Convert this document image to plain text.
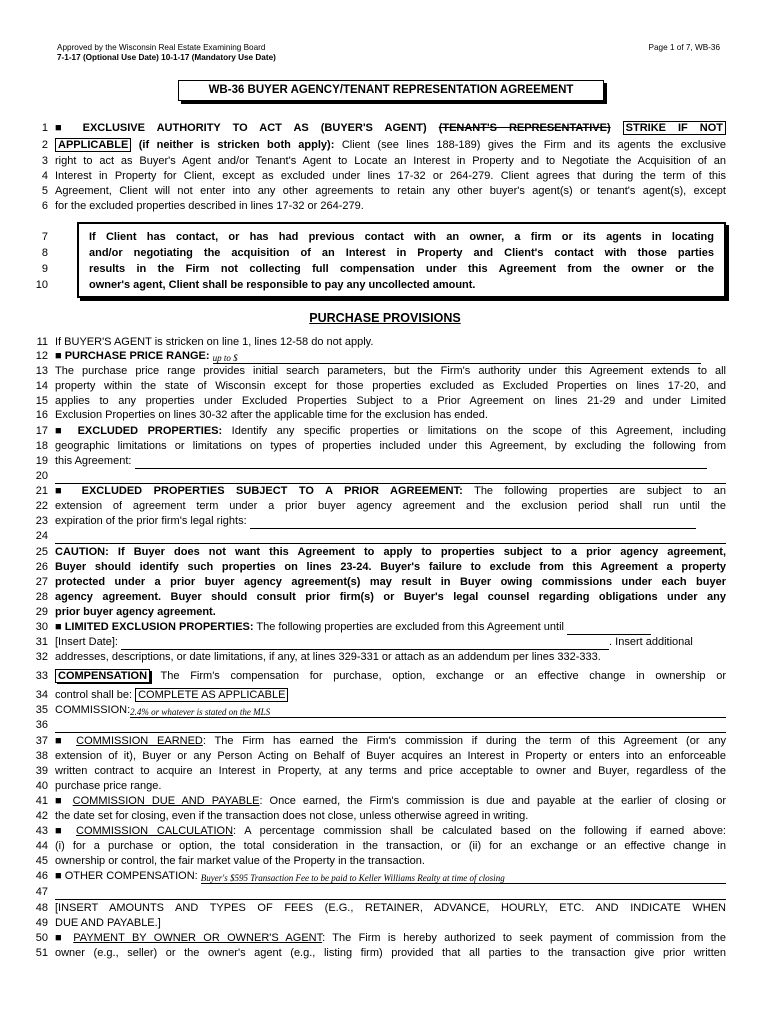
Approved by the Wisconsin Real Estate Examining Board
7-1-17 (Optional Use Date) 10-1-17 (Mandatory Use Date)
Page 1 of 7, WB-36
WB-36 BUYER AGENCY/TENANT REPRESENTATION AGREEMENT
1 ■ EXCLUSIVE AUTHORITY TO ACT AS (BUYER'S AGENT) (TENANT'S REPRESENTATIVE) STRIKE IF NOT
2 APPLICABLE (if neither is stricken both apply): Client (see lines 188-189) gives the Firm and its agents the exclusive
3 right to act as Buyer's Agent and/or Tenant's Agent to Locate an Interest in Property and to Negotiate the Acquisition of an
4 Interest in Property for Client, except as excluded under lines 17-32 or 264-279. Client agrees that during the term of this
5 Agreement, Client will not enter into any other agreements to retain any other buyer's agent(s) or tenant's agent(s), except
6 for the excluded properties described in lines 17-32 or 264-279.
7
8
9
10
If Client has contact, or has had previous contact with an owner, a firm or its agents in locating
and/or negotiating the acquisition of an Interest in Property and Client's contact with those parties
results in the Firm not collecting full compensation under this Agreement from the owner or the
owner's agent, Client shall be responsible to pay any uncollected amount.
PURCHASE PROVISIONS
11 If BUYER'S AGENT is stricken on line 1, lines 12-58 do not apply.
12 ■ PURCHASE PRICE RANGE: up to $
13 The purchase price range provides initial search parameters, but the Firm's authority under this Agreement extends to all
14 property within the state of Wisconsin except for those properties excluded as Excluded Properties on lines 17-20, and
15 applies to any properties under Excluded Properties Subject to a Prior Agreement on lines 21-29 and under Limited
16 Exclusion Properties on lines 30-32 after the applicable time for the exclusion has ended.
17 ■ EXCLUDED PROPERTIES: Identify any specific properties or limitations on the scope of this Agreement, including
18 geographic limitations or limitations on types of properties included under this Agreement, by excluding the following from
19 this Agreement:
20
21 ■ EXCLUDED PROPERTIES SUBJECT TO A PRIOR AGREEMENT: The following properties are subject to an
22 extension of agreement term under a prior buyer agency agreement and the exclusion period shall run until the
23 expiration of the prior firm's legal rights:
24
25 CAUTION: If Buyer does not want this Agreement to apply to properties subject to a prior agency agreement,
26 Buyer should identify such properties on lines 23-24. Buyer's failure to exclude from this Agreement a property
27 protected under a prior buyer agency agreement(s) may result in Buyer owing commissions under each buyer
28 agency agreement. Buyer should consult prior firm(s) or Buyer's legal counsel regarding obligations under any
29 prior buyer agency agreement.
30 ■ LIMITED EXCLUSION PROPERTIES: The following properties are excluded from this Agreement until
31 [Insert Date]:	. Insert additional
32 addresses, descriptions, or date limitations, if any, at lines 329-331 or attach as an addendum per lines 332-333.
33 COMPENSATION The Firm's compensation for purchase, option, exchange or an effective change in ownership or
34 control shall be: COMPLETE AS APPLICABLE
35 COMMISSION:2.4% or whatever is stated on the MLS
36
37 ■ COMMISSION EARNED: The Firm has earned the Firm's commission if during the term of this Agreement (or any
38 extension of it), Buyer or any Person Acting on Behalf of Buyer acquires an Interest in Property or enters into an enforceable
39 written contract to acquire an Interest in Property, at any terms and price acceptable to owner and Buyer, regardless of the
40 purchase price range.
41 ■ COMMISSION DUE AND PAYABLE: Once earned, the Firm's commission is due and payable at the earlier of closing or
42 the date set for closing, even if the transaction does not close, unless otherwise agreed in writing.
43 ■ COMMISSION CALCULATION: A percentage commission shall be calculated based on the following if earned above:
44 (i) for a purchase or option, the total consideration in the transaction, or (ii) for an exchange or an effective change in
45 ownership or control, the fair market value of the Property in the transaction.
46 ■ OTHER COMPENSATION: Buyer's $595 Transaction Fee to be paid to Keller Williams Realty at time of closing
47
48 [INSERT AMOUNTS AND TYPES OF FEES (E.G., RETAINER, ADVANCE, HOURLY, ETC. AND INDICATE WHEN
49 DUE AND PAYABLE.]
50 ■ PAYMENT BY OWNER OR OWNER'S AGENT: The Firm is hereby authorized to seek payment of commission from the
51 owner (e.g., seller) or the owner's agent (e.g., listing firm) provided that all parties to the transaction give prior written
